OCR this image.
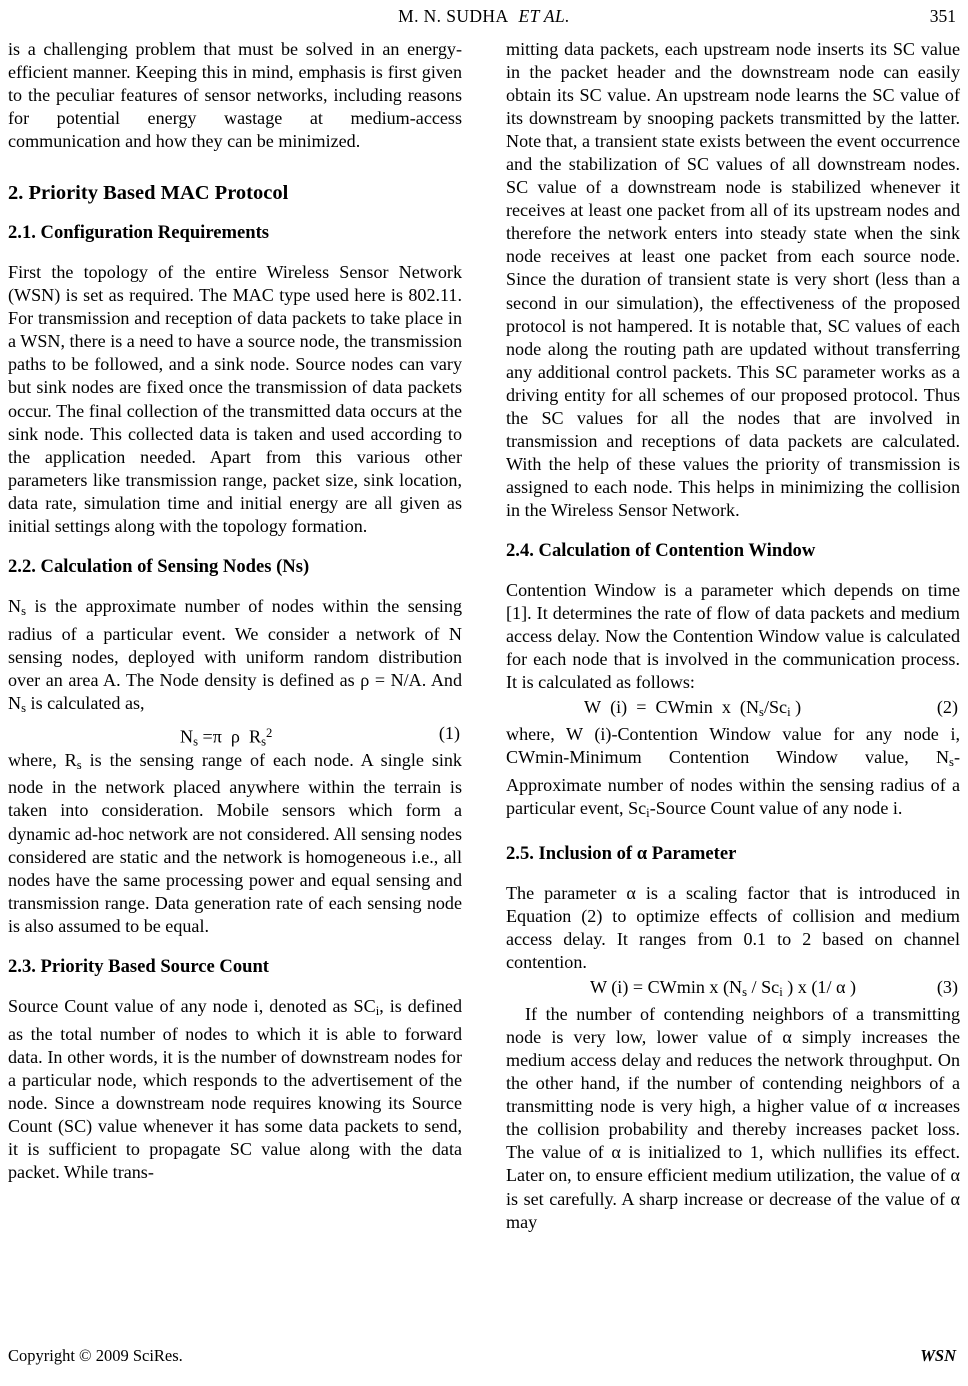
M. N. SUDHA ET AL.	351

is a challenging problem that must be solved in an energy-efficient manner. Keeping this in mind, emphasis is first given to the peculiar features of sensor networks, including reasons for potential energy wastage at medium-access communication and how they can be minimized.

2. Priority Based MAC Protocol
2.1. Configuration Requirements

First the topology of the entire Wireless Sensor Network (WSN) is set as required. The MAC type used here is 802.11. For transmission and reception of data packets to take place in a WSN, there is a need to have a source node, the transmission paths to be followed, and a sink node. Source nodes can vary but sink nodes are fixed once the transmission of data packets occur. The final collection of the transmitted data occurs at the sink node. This collected data is taken and used according to the application needed. Apart from this various other parameters like transmission range, packet size, sink location, data rate, simulation time and initial energy are all given as initial settings along with the topology formation.

2.2. Calculation of Sensing Nodes (Ns)

$N_s$ is the approximate number of nodes within the sensing radius of a particular event. We consider a network of N sensing nodes, deployed with uniform random distribution over an area A. The Node density is defined as ρ = N/A. And $N_s$ is calculated as,

$N_s =\pi$  ρ  $R_s^2$	(1)

where, $R_s$ is the sensing range of each node. A single sink node in the network placed anywhere within the terrain is taken into consideration. Mobile sensors which form a dynamic ad-hoc network are not considered. All sensing nodes considered are static and the network is homogeneous i.e., all nodes have the same processing power and equal sensing and transmission range. Data generation rate of each sensing node is also assumed to be equal.

2.3. Priority Based Source Count

Source Count value of any node i, denoted as $SC_i$, is defined as the total number of nodes to which it is able to forward data. In other words, it is the number of downstream nodes for a particular node, which responds to the advertisement of the node. Since a downstream node requires knowing its Source Count (SC) value whenever it has some data packets to send, it is sufficient to propagate SC value along with the data packet. While trans-

mitting data packets, each upstream node inserts its SC value in the packet header and the downstream node can easily obtain its SC value. An upstream node learns the SC value of its downstream by snooping packets transmitted by the latter. Note that, a transient state exists between the event occurrence and the stabilization of SC values of all downstream nodes. SC value of a downstream node is stabilized whenever it receives at least one packet from all of its upstream nodes and therefore the network enters into steady state when the sink node receives at least one packet from each source node. Since the duration of transient state is very short (less than a second in our simulation), the effectiveness of the proposed protocol is not hampered. It is notable that, SC values of each node along the routing path are updated without transferring any additional control packets. This SC parameter works as a driving entity for all schemes of our proposed protocol. Thus the SC values for all the nodes that are involved in transmission and receptions of data packets are calculated. With the help of these values the priority of transmission is assigned to each node. This helps in minimizing the collision in the Wireless Sensor Network.

2.4. Calculation of Contention Window

Contention Window is a parameter which depends on time [1]. It determines the rate of flow of data packets and medium access delay. Now the Contention Window value is calculated for each node that is involved in the communication process. It is calculated as follows:

W  (i)  =  CWmin  x  ($N_s/Sc_i$ )	(2)

where, W (i)-Contention Window value for any node i, CWmin-Minimum Contention Window value, $N_s-$ Approximate number of nodes within the sensing radius of a particular event, $Sc_i$-Source Count value of any node i.

2.5. Inclusion of α Parameter

The parameter α is a scaling factor that is introduced in Equation (2) to optimize effects of collision and medium access delay. It ranges from 0.1 to 2 based on channel contention.

W (i) = CWmin x ($N_s / Sc_i$ ) x (1/ α )	(3)

If the number of contending neighbors of a transmitting node is very low, lower value of α simply increases the medium access delay and reduces the network throughput. On the other hand, if the number of contending neighbors of a transmitting node is very high, a higher value of α increases the collision probability and thereby increases packet loss. The value of α is initialized to 1, which nullifies its effect. Later on, to ensure efficient medium utilization, the value of α is set carefully. A sharp increase or decrease of the value of α may

Copyright © 2009 SciRes.	WSN
